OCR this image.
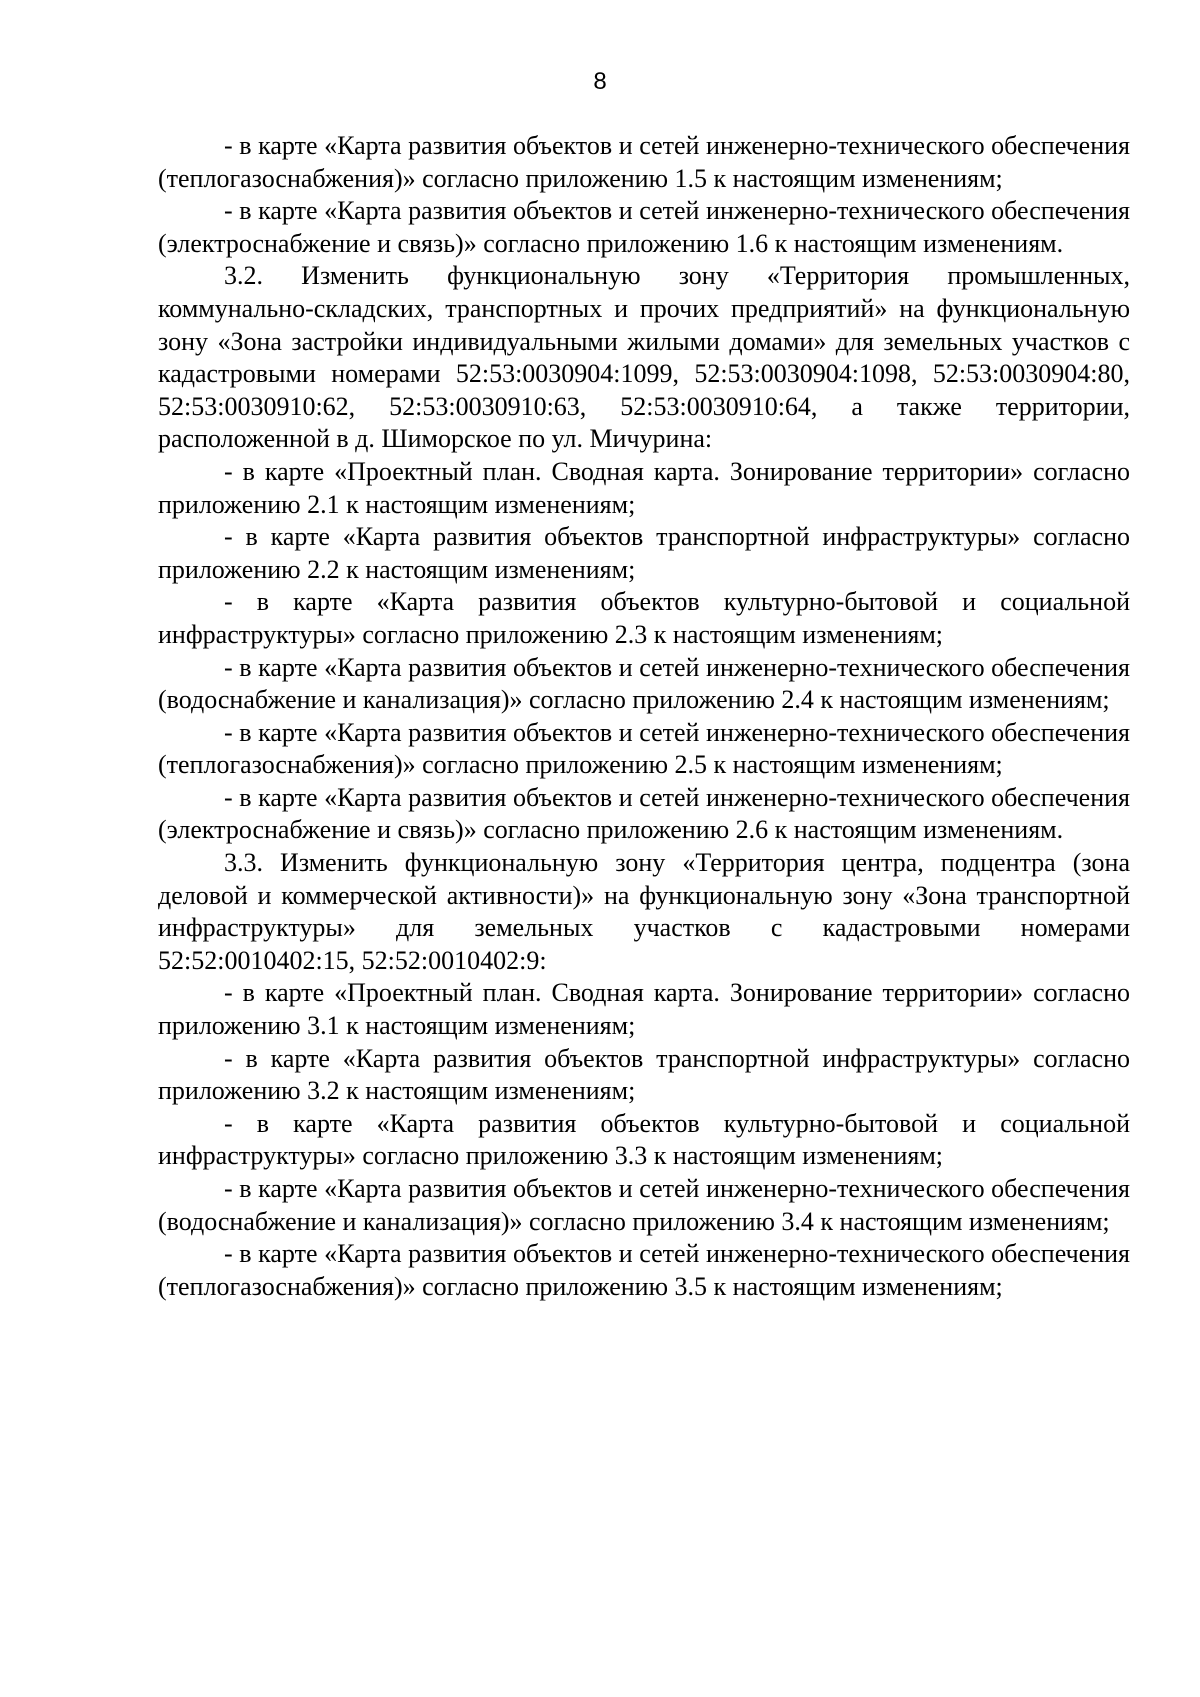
8

- в карте «Карта развития объектов и сетей инженерно-технического обеспечения (теплогазоснабжения)» согласно приложению 1.5 к настоящим изменениям;

- в карте «Карта развития объектов и сетей инженерно-технического обеспечения (электроснабжение и связь)» согласно приложению 1.6 к настоящим изменениям.

3.2. Изменить функциональную зону «Территория промышленных, коммунально-складских, транспортных и прочих предприятий» на функциональную зону «Зона застройки индивидуальными жилыми домами» для земельных участков с кадастровыми номерами 52:53:0030904:1099, 52:53:0030904:1098, 52:53:0030904:80, 52:53:0030910:62, 52:53:0030910:63, 52:53:0030910:64, а также территории, расположенной в д. Шиморское по ул. Мичурина:

- в карте «Проектный план. Сводная карта. Зонирование территории» согласно приложению 2.1 к настоящим изменениям;

- в карте «Карта развития объектов транспортной инфраструктуры» согласно приложению 2.2 к настоящим изменениям;

- в карте «Карта развития объектов культурно-бытовой и социальной инфраструктуры» согласно приложению 2.3 к настоящим изменениям;

- в карте «Карта развития объектов и сетей инженерно-технического обеспечения (водоснабжение и канализация)» согласно приложению 2.4 к настоящим изменениям;

- в карте «Карта развития объектов и сетей инженерно-технического обеспечения (теплогазоснабжения)» согласно приложению 2.5 к настоящим изменениям;

- в карте «Карта развития объектов и сетей инженерно-технического обеспечения (электроснабжение и связь)» согласно приложению 2.6 к настоящим изменениям.

3.3. Изменить функциональную зону «Территория центра, подцентра (зона деловой и коммерческой активности)» на функциональную зону «Зона транспортной инфраструктуры» для земельных участков с кадастровыми номерами 52:52:0010402:15, 52:52:0010402:9:

- в карте «Проектный план. Сводная карта. Зонирование территории» согласно приложению 3.1 к настоящим изменениям;

- в карте «Карта развития объектов транспортной инфраструктуры» согласно приложению 3.2 к настоящим изменениям;

- в карте «Карта развития объектов культурно-бытовой и социальной инфраструктуры» согласно приложению 3.3 к настоящим изменениям;

- в карте «Карта развития объектов и сетей инженерно-технического обеспечения (водоснабжение и канализация)» согласно приложению 3.4 к настоящим изменениям;

- в карте «Карта развития объектов и сетей инженерно-технического обеспечения (теплогазоснабжения)» согласно приложению 3.5 к настоящим изменениям;
